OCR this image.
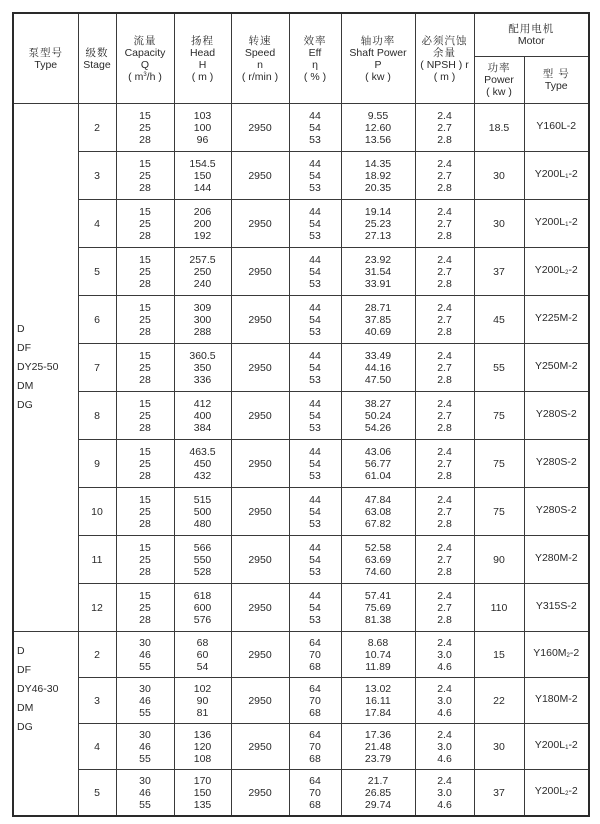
泵型号
Type	级数
Stage	流量
Capacity
Q
( $m^3/h$ )	扬程
Head
H
( m )	转速
Speed
n
( r/min )	效率
Eff
η
( % )	轴功率
Shaft Power
P
( kw )	必须汽蚀
余量
( NPSH ) r
( m )	配用电机
Motor	

								功率
Power
( kw )	型 号
Type

D
DF
DY25-50
DM
DG	2	15
25
28	103
100
96	2950	44
54
53	9.55
12.60
13.56	2.4
2.7
2.8	18.5	Y160L-2
	3	15
25
28	154.5
150
144	2950	44
54
53	14.35
18.92
20.35	2.4
2.7
2.8	30	$Y200L_1-2$
	4	15
25
28	206
200
192	2950	44
54
53	19.14
25.23
27.13	2.4
2.7
2.8	30	$Y200L_1-2$
	5	15
25
28	257.5
250
240	2950	44
54
53	23.92
31.54
33.91	2.4
2.7
2.8	37	$Y200L_2-2$
	6	15
25
28	309
300
288	2950	44
54
53	28.71
37.85
40.69	2.4
2.7
2.8	45	Y225M-2
	7	15
25
28	360.5
350
336	2950	44
54
53	33.49
44.16
47.50	2.4
2.7
2.8	55	Y250M-2
	8	15
25
28	412
400
384	2950	44
54
53	38.27
50.24
54.26	2.4
2.7
2.8	75	Y280S-2
	9	15
25
28	463.5
450
432	2950	44
54
53	43.06
56.77
61.04	2.4
2.7
2.8	75	Y280S-2
	10	15
25
28	515
500
480	2950	44
54
53	47.84
63.08
67.82	2.4
2.7
2.8	75	Y280S-2
	11	15
25
28	566
550
528	2950	44
54
53	52.58
63.69
74.60	2.4
2.7
2.8	90	Y280M-2
	12	15
25
28	618
600
576	2950	44
54
53	57.41
75.69
81.38	2.4
2.7
2.8	110	Y315S-2

D
DF
DY46-30
DM
DG	2	30
46
55	68
60
54	2950	64
70
68	8.68
10.74
11.89	2.4
3.0
4.6	15	$Y160M_2-2$
	3	30
46
55	102
90
81	2950	64
70
68	13.02
16.11
17.84	2.4
3.0
4.6	22	Y180M-2
	4	30
46
55	136
120
108	2950	64
70
68	17.36
21.48
23.79	2.4
3.0
4.6	30	$Y200L_1-2$
	5	30
46
55	170
150
135	2950	64
70
68	21.7
26.85
29.74	2.4
3.0
4.6	37	$Y200L_2-2$
